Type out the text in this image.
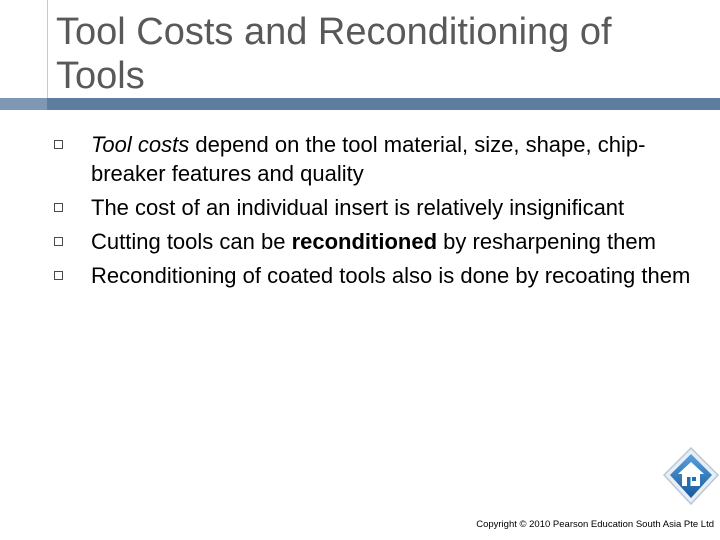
Tool Costs and Reconditioning of Tools
Tool costs depend on the tool material, size, shape, chip-breaker features and quality
The cost of an individual insert is relatively insignificant
Cutting tools can be reconditioned by resharpening them
Reconditioning of coated tools also is done by recoating them
Copyright © 2010 Pearson Education South Asia Pte Ltd
